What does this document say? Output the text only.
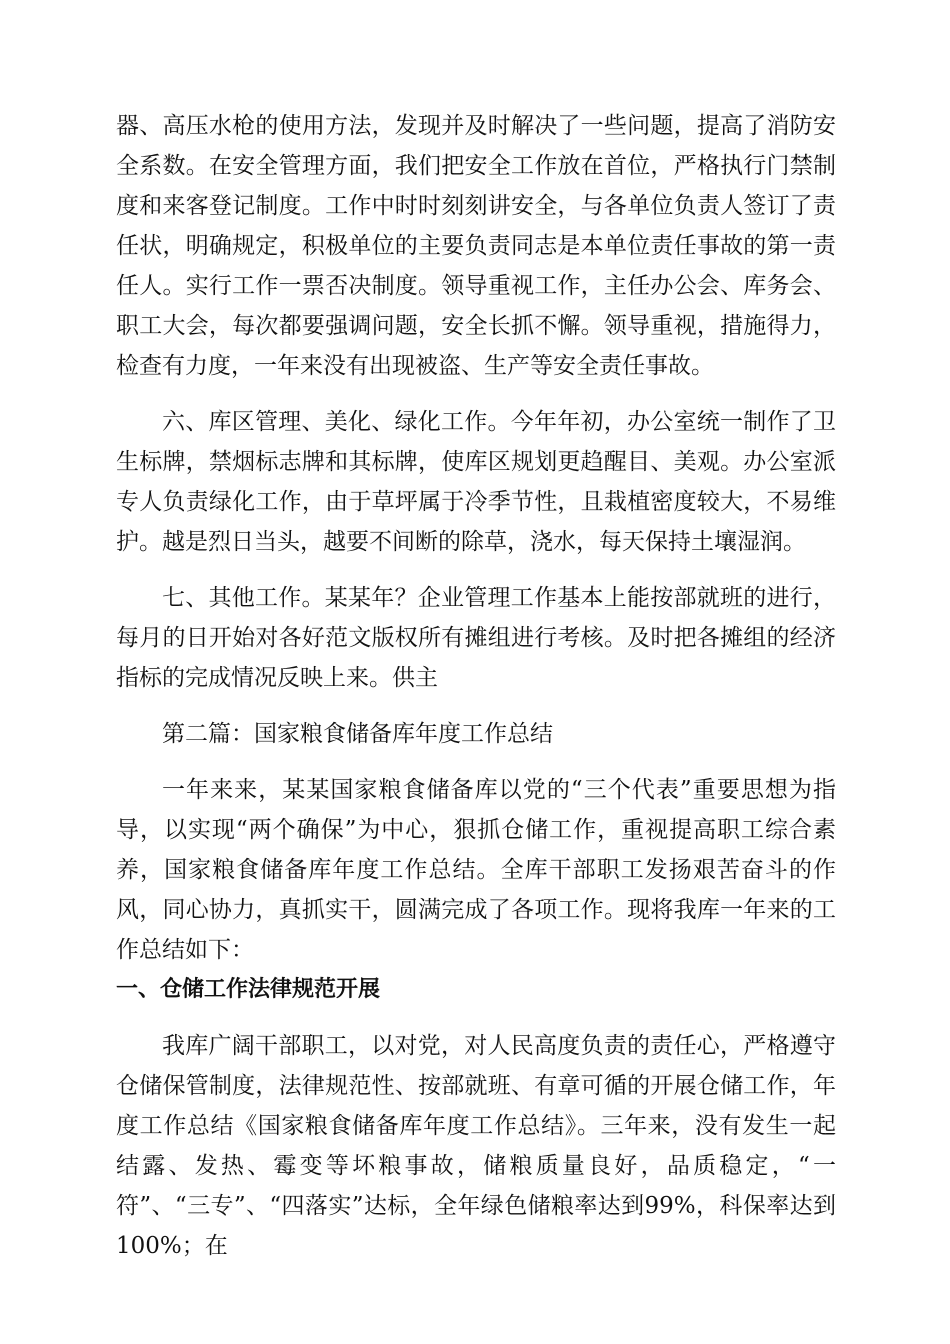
器、高压水枪的使用方法，发现并及时解决了一些问题，提高了消防安全系数。在安全管理方面，我们把安全工作放在首位，严格执行门禁制度和来客登记制度。工作中时时刻刻讲安全，与各单位负责人签订了责任状，明确规定，积极单位的主要负责同志是本单位责任事故的第一责任人。实行工作一票否决制度。领导重视工作，主任办公会、库务会、职工大会，每次都要强调问题，安全长抓不懈。领导重视，措施得力，检查有力度，一年来没有出现被盗、生产等安全责任事故。

六、库区管理、美化、绿化工作。今年年初，办公室统一制作了卫生标牌，禁烟标志牌和其标牌，使库区规划更趋醒目、美观。办公室派专人负责绿化工作，由于草坪属于冷季节性，且栽植密度较大，不易维护。越是烈日当头，越要不间断的除草，浇水，每天保持土壤湿润。

七、其他工作。某某年？企业管理工作基本上能按部就班的进行，每月的日开始对各好范文版权所有摊组进行考核。及时把各摊组的经济指标的完成情况反映上来。供主

第二篇：国家粮食储备库年度工作总结

一年来来，某某国家粮食储备库以党的“三个代表”重要思想为指导，以实现“两个确保”为中心，狠抓仓储工作，重视提高职工综合素养，国家粮食储备库年度工作总结。全库干部职工发扬艰苦奋斗的作风，同心协力，真抓实干，圆满完成了各项工作。现将我库一年来的工作总结如下：

一、仓储工作法律规范开展

我库广阔干部职工，以对党，对人民高度负责的责任心，严格遵守仓储保管制度，法律规范性、按部就班、有章可循的开展仓储工作，年度工作总结《国家粮食储备库年度工作总结》。三年来，没有发生一起结露、发热、霉变等坏粮事故，储粮质量良好，品质稳定，“一符”、“三专”、“四落实”达标，全年绿色储粮率达到99%，科保率达到100%；在
